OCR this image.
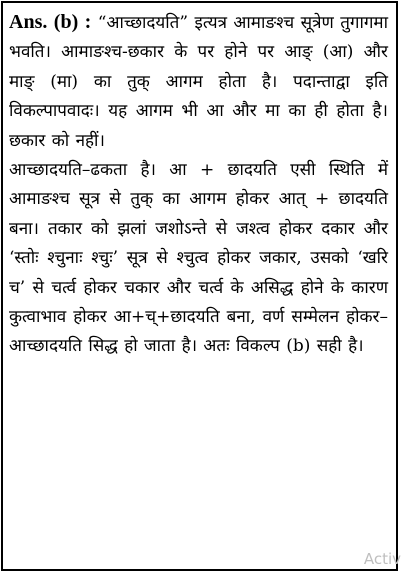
Ans. (b) : “आच्छादयति” इत्यत्र आमाङश्च सूत्रेण तुगागमा भवति। आमाङश्च-छकार के पर होने पर आङ् (आ) और माङ् (मा) का तुक् आगम होता है। पदान्ताद्वा इति विकल्पापवादः। यह आगम भी आ और मा का ही होता है। छकार को नहीं।

आच्छादयति–ढकता है। आ + छादयति एसी स्थिति में आमाङश्च सूत्र से तुक् का आगम होकर आत् + छादयति बना। तकार को झलां जशोऽन्ते से जश्त्व होकर दकार और ‘स्तोः श्चुनाः श्चुः’ सूत्र से श्चुत्व होकर जकार, उसको ‘खरि च’ से चर्त्व होकर चकार और चर्त्व के असिद्ध होने के कारण कुत्वाभाव होकर आ+च्+छादयति बना, वर्ण सम्मेलन होकर–आच्छादयति सिद्ध हो जाता है। अतः विकल्प (b) सही है।

Activ
